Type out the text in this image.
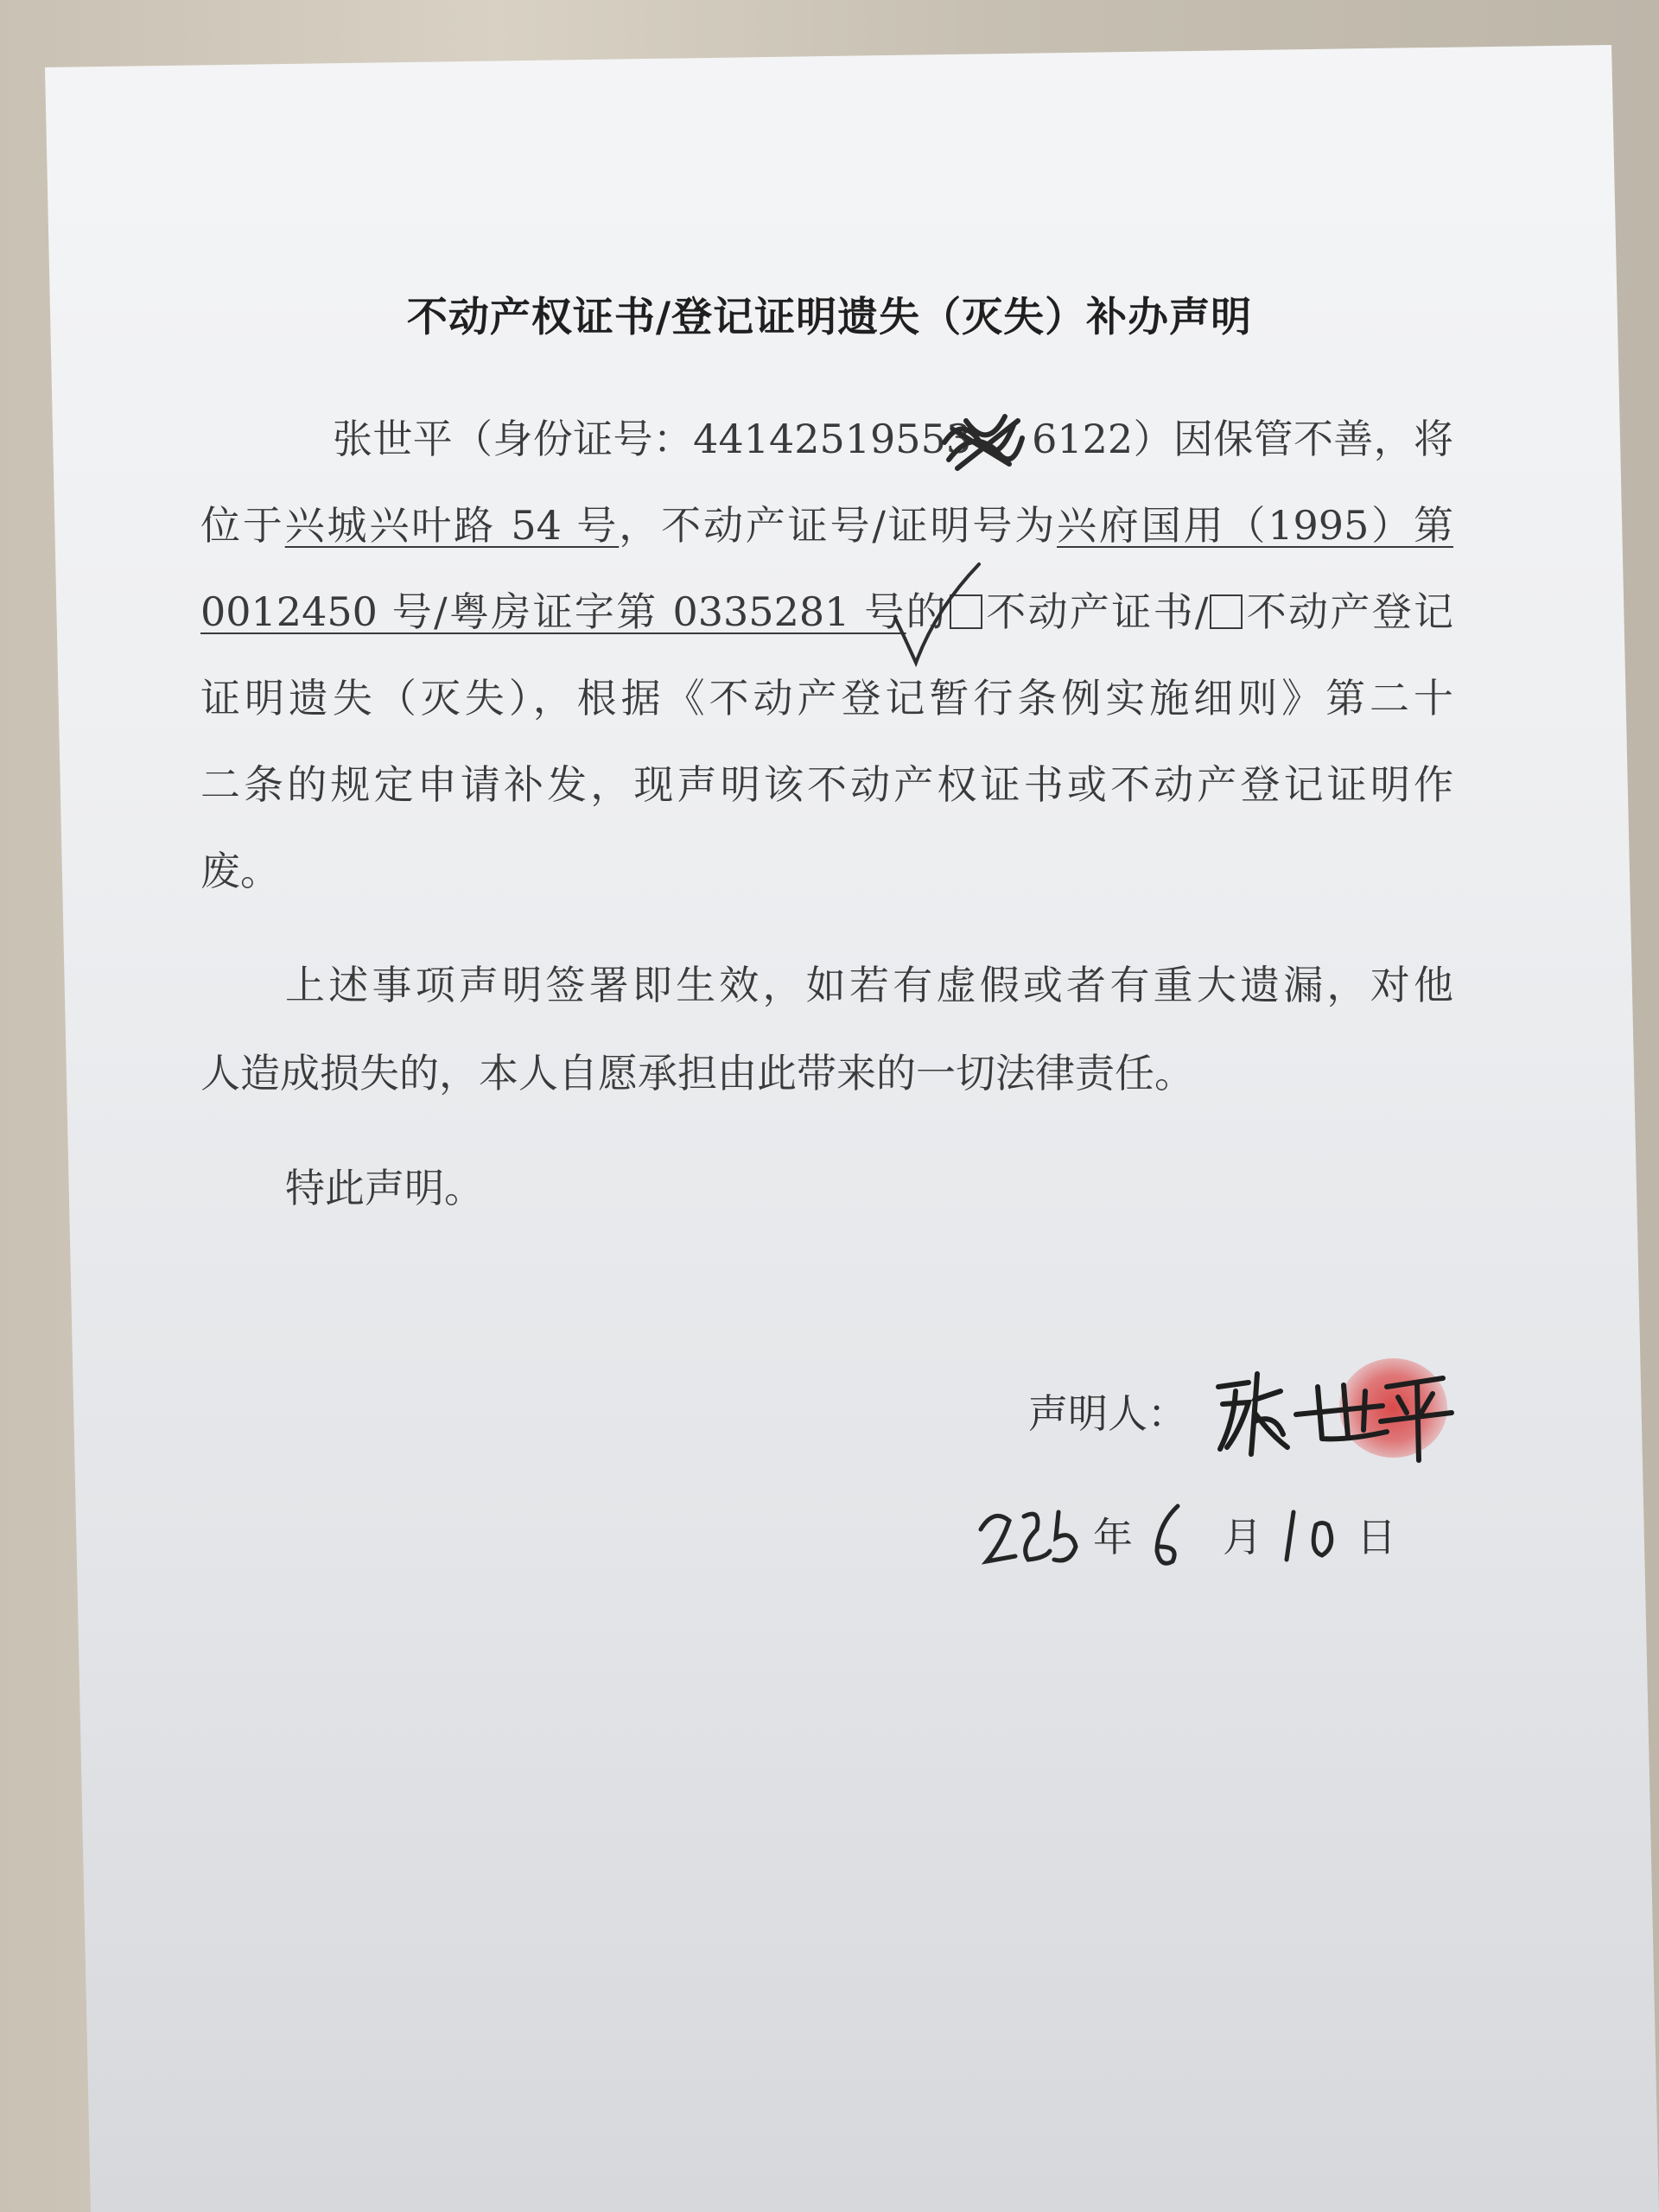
不动产权证书/登记证明遗失（灭失）补办声明
张世平（身份证号：44142519553 6122）因保管不善，将
位于兴城兴叶路 54 号，不动产证号/证明号为兴府国用（1995）第
0012450 号/粤房证字第 0335281 号的 不动产证书/ 不动产登记
证明遗失（灭失），根据《不动产登记暂行条例实施细则》第二十
二条的规定申请补发，现声明该不动产权证书或不动产登记证明作
废。
上述事项声明签署即生效，如若有虚假或者有重大遗漏，对他
人造成损失的，本人自愿承担由此带来的一切法律责任。
特此声明。
声明人：
年 月 日
